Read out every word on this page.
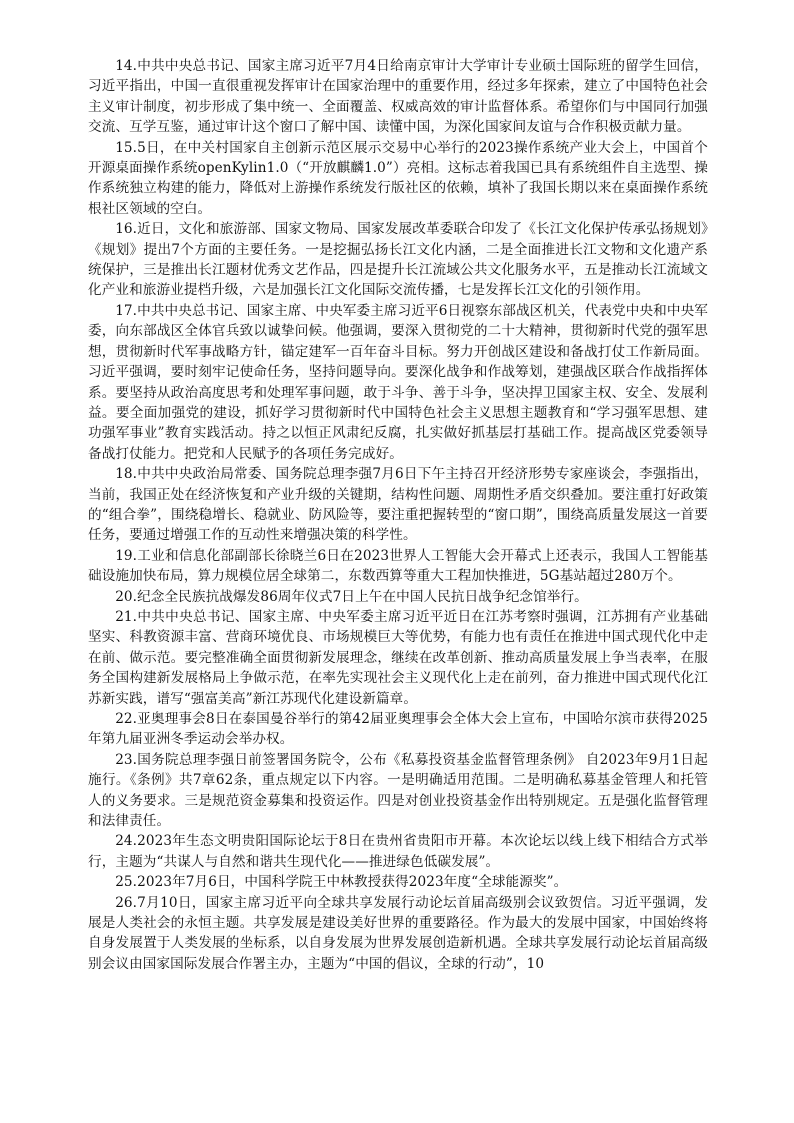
14.中共中央总书记、国家主席习近平7月4日给南京审计大学审计专业硕士国际班的留学生回信，习近平指出，中国一直很重视发挥审计在国家治理中的重要作用，经过多年探索，建立了中国特色社会主义审计制度，初步形成了集中统一、全面覆盖、权威高效的审计监督体系。希望你们与中国同行加强交流、互学互鉴，通过审计这个窗口了解中国、读懂中国，为深化国家间友谊与合作积极贡献力量。

15.5日，在中关村国家自主创新示范区展示交易中心举行的2023操作系统产业大会上，中国首个开源桌面操作系统openKylin1.0（“开放麒麟1.0”）亮相。这标志着我国已具有系统组件自主选型、操作系统独立构建的能力，降低对上游操作系统发行版社区的依赖，填补了我国长期以来在桌面操作系统根社区领域的空白。

16.近日，文化和旅游部、国家文物局、国家发展改革委联合印发了《长江文化保护传承弘扬规划》《规划》提出7个方面的主要任务。一是挖掘弘扬长江文化内涵，二是全面推进长江文物和文化遗产系统保护，三是推出长江题材优秀文艺作品，四是提升长江流域公共文化服务水平，五是推动长江流域文化产业和旅游业提档升级，六是加强长江文化国际交流传播，七是发挥长江文化的引领作用。

17.中共中央总书记、国家主席、中央军委主席习近平6日视察东部战区机关，代表党中央和中央军委，向东部战区全体官兵致以诚挚问候。他强调，要深入贯彻党的二十大精神，贯彻新时代党的强军思想，贯彻新时代军事战略方针，锚定建军一百年奋斗目标。努力开创战区建设和备战打仗工作新局面。习近平强调，要时刻牢记使命任务，坚持问题导向。要深化战争和作战筹划，建强战区联合作战指挥体系。要坚持从政治高度思考和处理军事问题，敢于斗争、善于斗争，坚决捍卫国家主权、安全、发展利益。要全面加强党的建设，抓好学习贯彻新时代中国特色社会主义思想主题教育和“学习强军思想、建功强军事业”教育实践活动。持之以恒正风肃纪反腐，扎实做好抓基层打基础工作。提高战区党委领导备战打仗能力。把党和人民赋予的各项任务完成好。

18.中共中央政治局常委、国务院总理李强7月6日下午主持召开经济形势专家座谈会，李强指出，当前，我国正处在经济恢复和产业升级的关键期，结构性问题、周期性矛盾交织叠加。要注重打好政策的“组合拳”，围绕稳增长、稳就业、防风险等，要注重把握转型的“窗口期”，围绕高质量发展这一首要任务，要通过增强工作的互动性来增强决策的科学性。

19.工业和信息化部副部长徐晓兰6日在2023世界人工智能大会开幕式上还表示，我国人工智能基础设施加快布局，算力规模位居全球第二，东数西算等重大工程加快推进，5G基站超过280万个。

20.纪念全民族抗战爆发86周年仪式7日上午在中国人民抗日战争纪念馆举行。

21.中共中央总书记、国家主席、中央军委主席习近平近日在江苏考察时强调，江苏拥有产业基础坚实、科教资源丰富、营商环境优良、市场规模巨大等优势，有能力也有责任在推进中国式现代化中走在前、做示范。要完整准确全面贯彻新发展理念，继续在改革创新、推动高质量发展上争当表率，在服务全国构建新发展格局上争做示范，在率先实现社会主义现代化上走在前列，奋力推进中国式现代化江苏新实践，谱写“强富美高”新江苏现代化建设新篇章。

22.亚奥理事会8日在泰国曼谷举行的第42届亚奥理事会全体大会上宣布，中国哈尔滨市获得2025年第九届亚洲冬季运动会举办权。

23.国务院总理李强日前签署国务院令，公布《私募投资基金监督管理条例》 自2023年9月1日起施行。《条例》共7章62条，重点规定以下内容。一是明确适用范围。二是明确私募基金管理人和托管人的义务要求。三是规范资金募集和投资运作。四是对创业投资基金作出特别规定。五是强化监督管理和法律责任。

24.2023年生态文明贵阳国际论坛于8日在贵州省贵阳市开幕。本次论坛以线上线下相结合方式举行，主题为“共谋人与自然和谐共生现代化——推进绿色低碳发展”。

25.2023年7月6日，中国科学院王中林教授获得2023年度“全球能源奖”。

26.7月10日，国家主席习近平向全球共享发展行动论坛首届高级别会议致贺信。习近平强调，发展是人类社会的永恒主题。共享发展是建设美好世界的重要路径。作为最大的发展中国家，中国始终将自身发展置于人类发展的坐标系，以自身发展为世界发展创造新机遇。全球共享发展行动论坛首届高级别会议由国家国际发展合作署主办，主题为“中国的倡议，全球的行动”，10
